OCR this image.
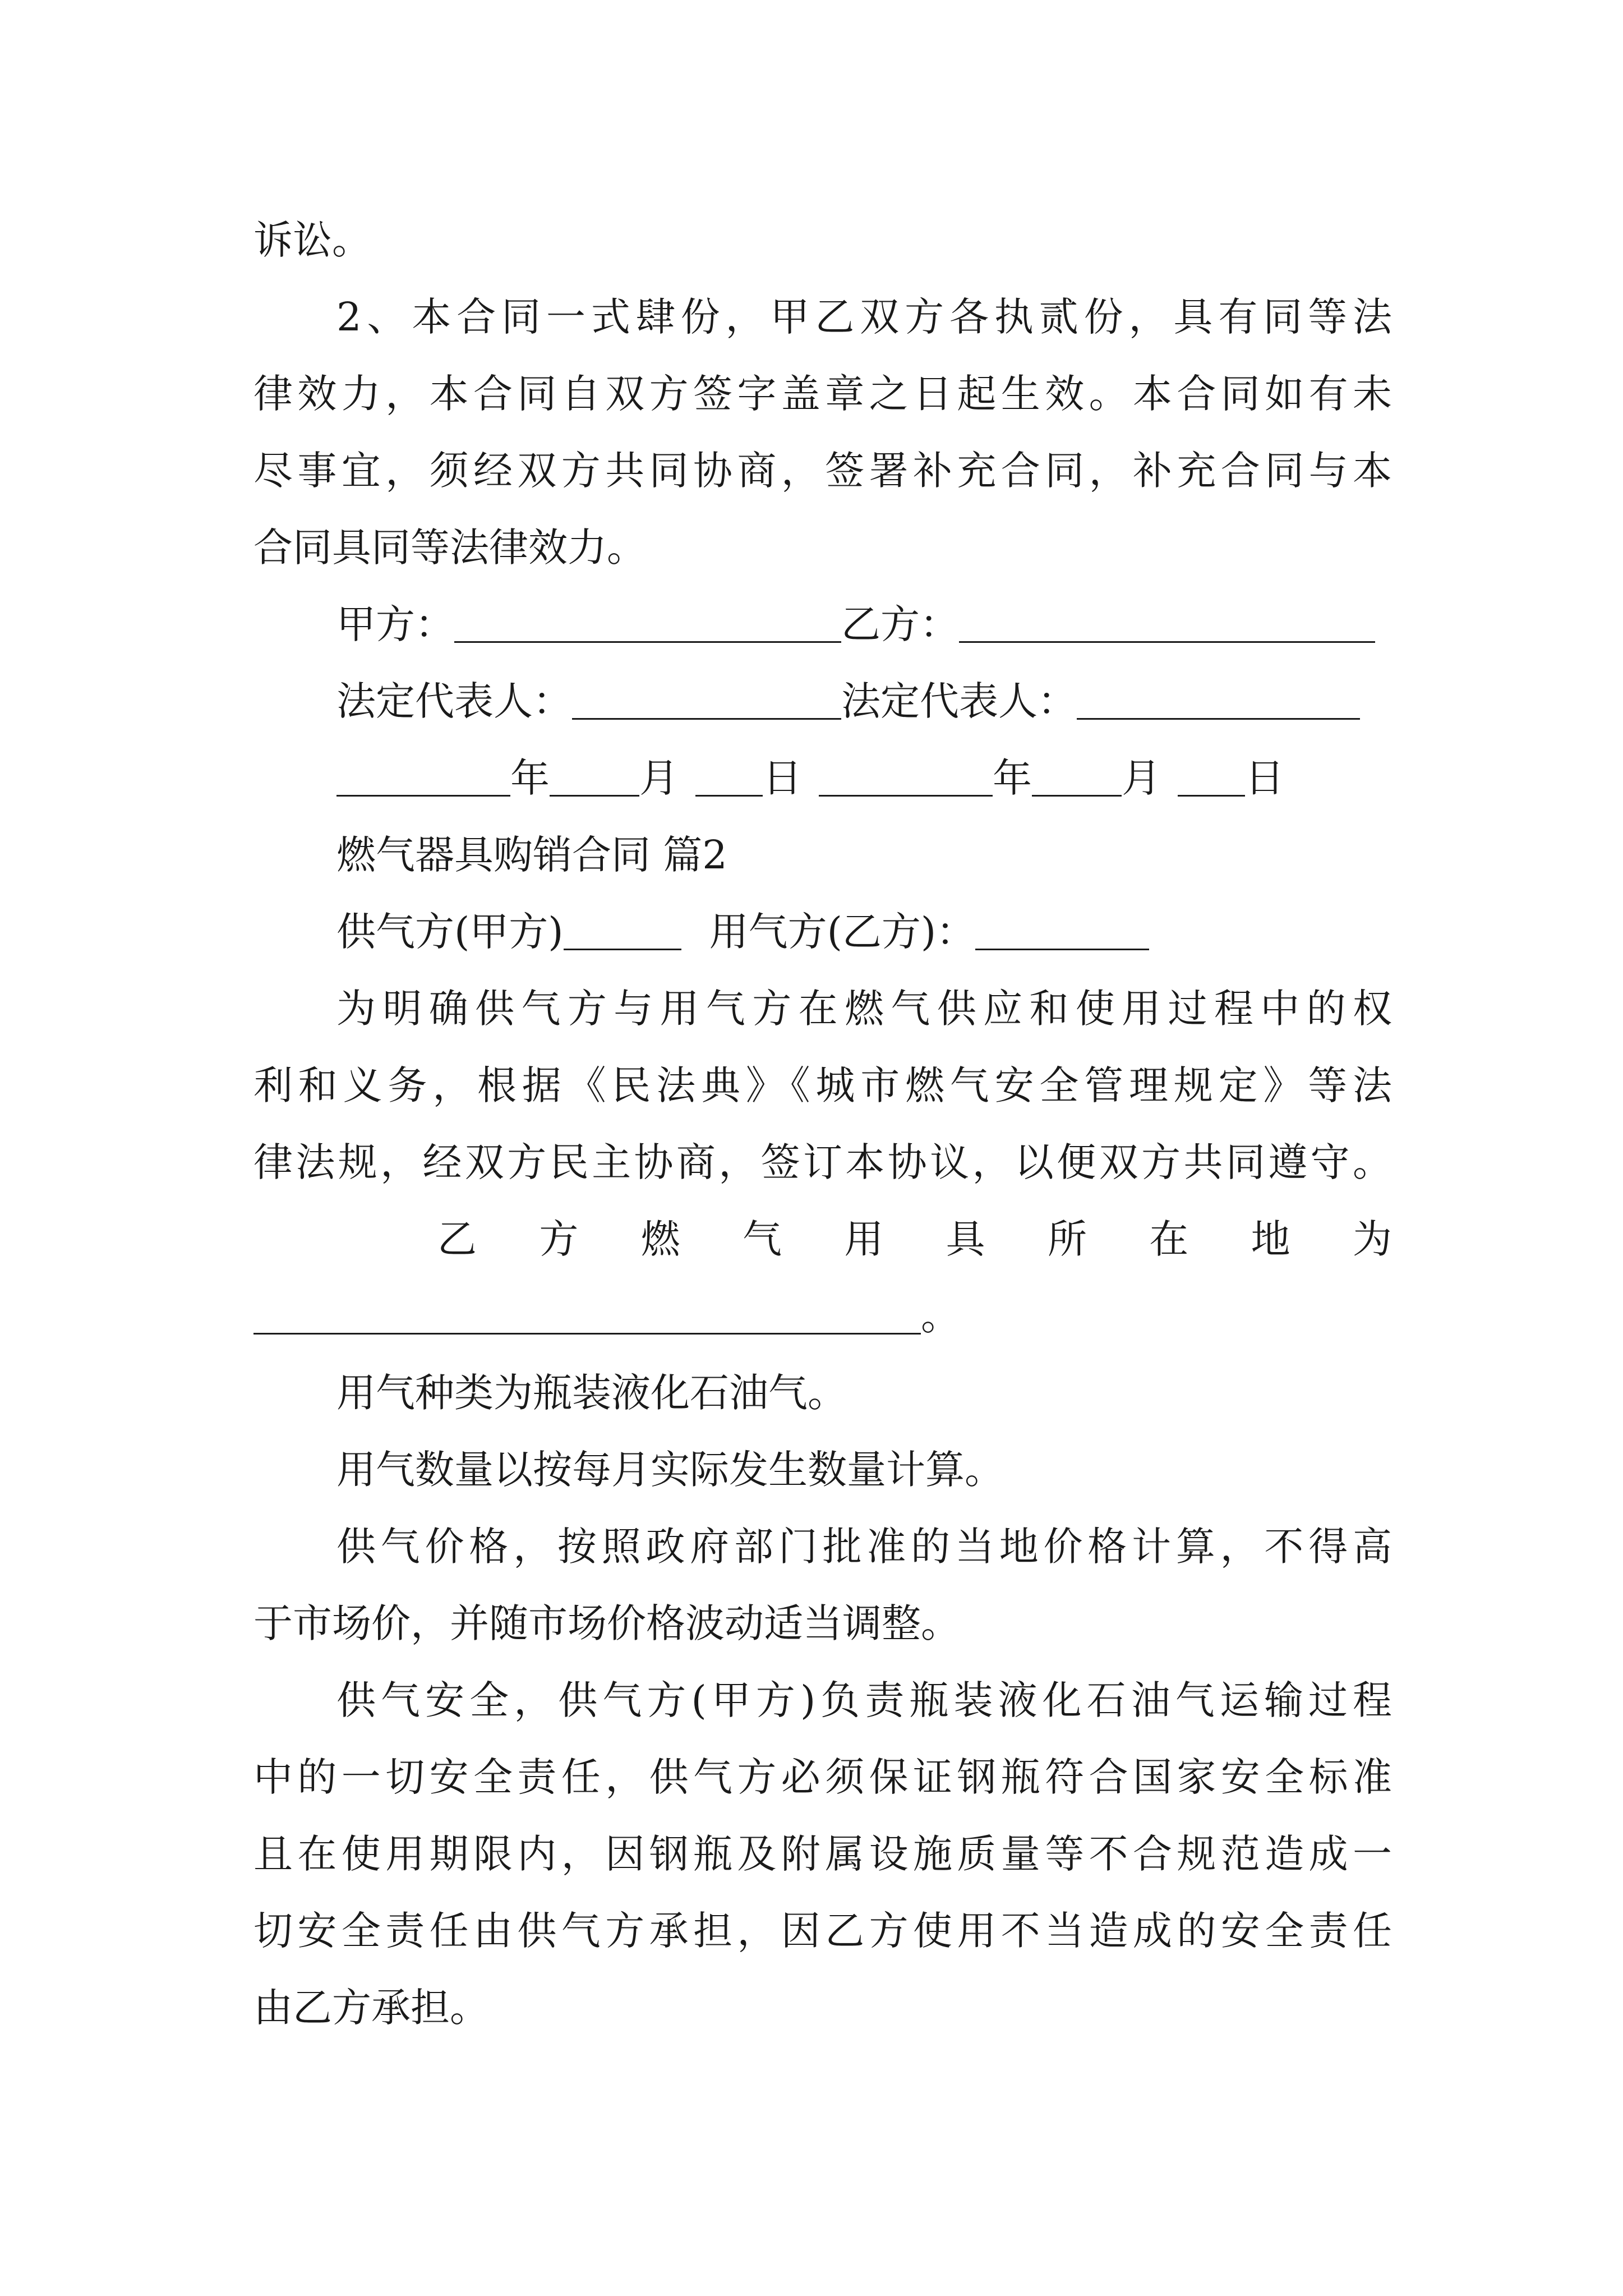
诉讼。
2、本合同一式肆份，甲乙双方各执贰份，具有同等法
律效力，本合同自双方签字盖章之日起生效。本合同如有未
尽事宜，须经双方共同协商，签署补充合同，补充合同与本
合同具同等法律效力。
甲方：	乙方：
法定代表人：	法定代表人：
年 月 日	年 月 日
燃气器具购销合同 篇2
供气方(甲方)	用气方(乙方)：
为明确供气方与用气方在燃气供应和使用过程中的权
利和义务，根据《民法典》《城市燃气安全管理规定》等法
律法规，经双方民主协商，签订本协议，以便双方共同遵守。
乙 方 燃 气 用 具 所 在 地 为
。
用气种类为瓶装液化石油气。
用气数量以按每月实际发生数量计算。
供气价格，按照政府部门批准的当地价格计算，不得高
于市场价，并随市场价格波动适当调整。
供气安全，供气方(甲方)负责瓶装液化石油气运输过程
中的一切安全责任，供气方必须保证钢瓶符合国家安全标准
且在使用期限内，因钢瓶及附属设施质量等不合规范造成一
切安全责任由供气方承担，因乙方使用不当造成的安全责任
由乙方承担。
